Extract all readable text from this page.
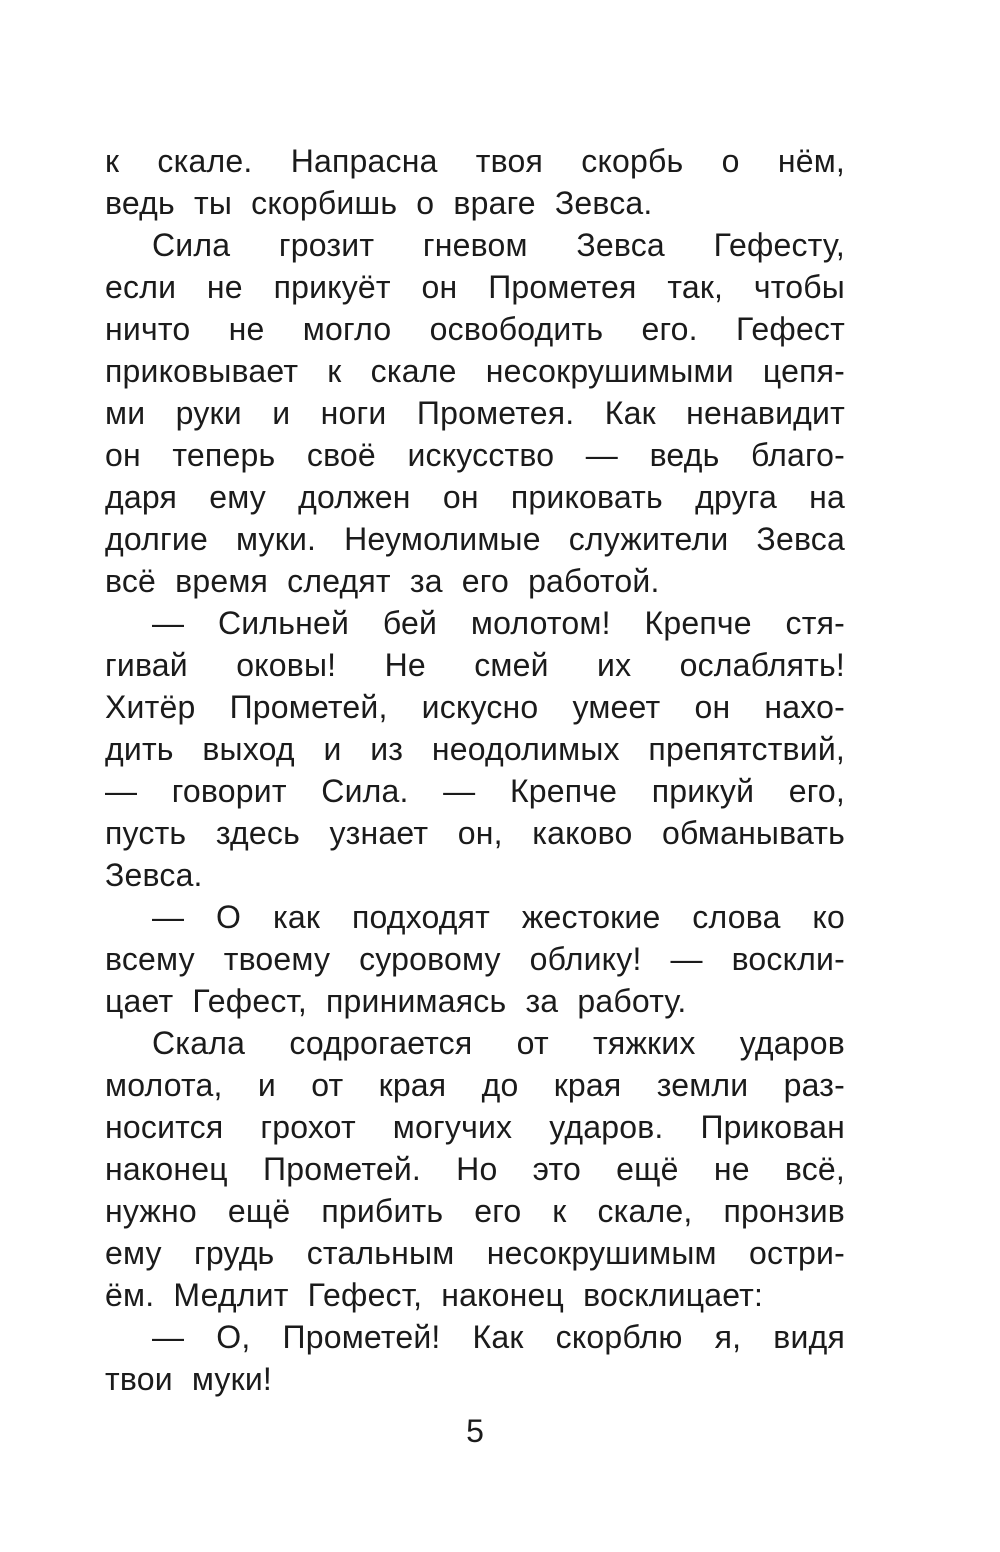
к скале. Напрасна твоя скорбь о нём,
ведь ты скорбишь о враге Зевса.
Сила грозит гневом Зевса Гефесту,
если не прикуёт он Прометея так, чтобы
ничто не могло освободить его. Гефест
приковывает к скале несокрушимыми цепя-
ми руки и ноги Прометея. Как ненавидит
он теперь своё искусство — ведь благо-
даря ему должен он приковать друга на
долгие муки. Неумолимые служители Зевса
всё время следят за его работой.
— Сильней бей молотом! Крепче стя-
гивай оковы! Не смей их ослаблять!
Хитёр Прометей, искусно умеет он нахо-
дить выход и из неодолимых препятствий,
— говорит Сила. — Крепче прикуй его,
пусть здесь узнает он, каково обманывать
Зевса.
— О как подходят жестокие слова ко
всему твоему суровому облику! — воскли-
цает Гефест, принимаясь за работу.
Скала содрогается от тяжких ударов
молота, и от края до края земли раз-
носится грохот могучих ударов. Прикован
наконец Прометей. Но это ещё не всё,
нужно ещё прибить его к скале, пронзив
ему грудь стальным несокрушимым остри-
ём. Медлит Гефест, наконец восклицает:
— О, Прометей! Как скорблю я, видя
твои муки!
5
